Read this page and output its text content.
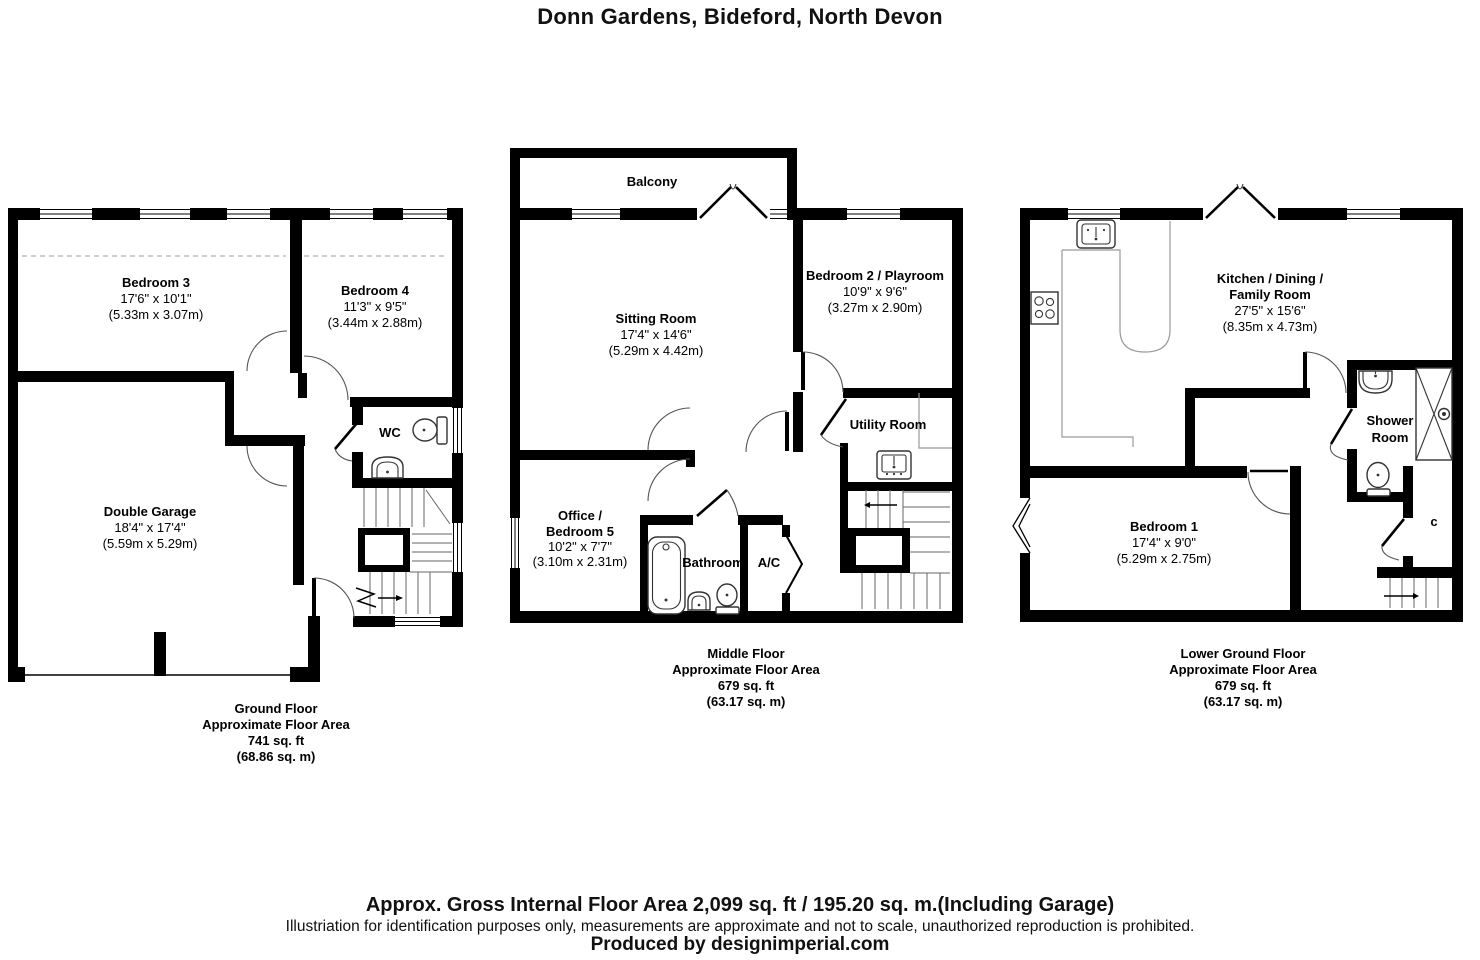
Donn Gardens, Bideford, North Devon
Bedroom 3
17'6" x 10'1"
(5.33m x 3.07m)
Bedroom 4
11'3" x 9'5"
(3.44m x 2.88m)
WC
Double Garage
18'4" x 17'4"
(5.59m x 5.29m)
Ground Floor
Approximate Floor Area
741 sq. ft
(68.86 sq. m)
Balcony
Sitting Room
17'4" x 14'6"
(5.29m x 4.42m)
Bedroom 2 / Playroom
10'9" x 9'6"
(3.27m x 2.90m)
Utility Room
Office /
Bedroom 5
10'2" x 7'7"
(3.10m x 2.31m)	Bathroom A/C
Middle Floor
Approximate Floor Area
679 sq. ft
(63.17 sq. m)
Kitchen / Dining /
Family Room
27'5" x 15'6"
(8.35m x 4.73m)
Shower
Room
Bedroom 1
17'4" x 9'0"
(5.29m x 2.75m)
c
Lower Ground Floor
Approximate Floor Area
679 sq. ft
(63.17 sq. m)
Approx. Gross Internal Floor Area 2,099 sq. ft / 195.20 sq. m.(Including Garage)
Illustriation for identification purposes only, measurements are approximate and not to scale, unauthorized reproduction is prohibited.
Produced by designimperial.com
